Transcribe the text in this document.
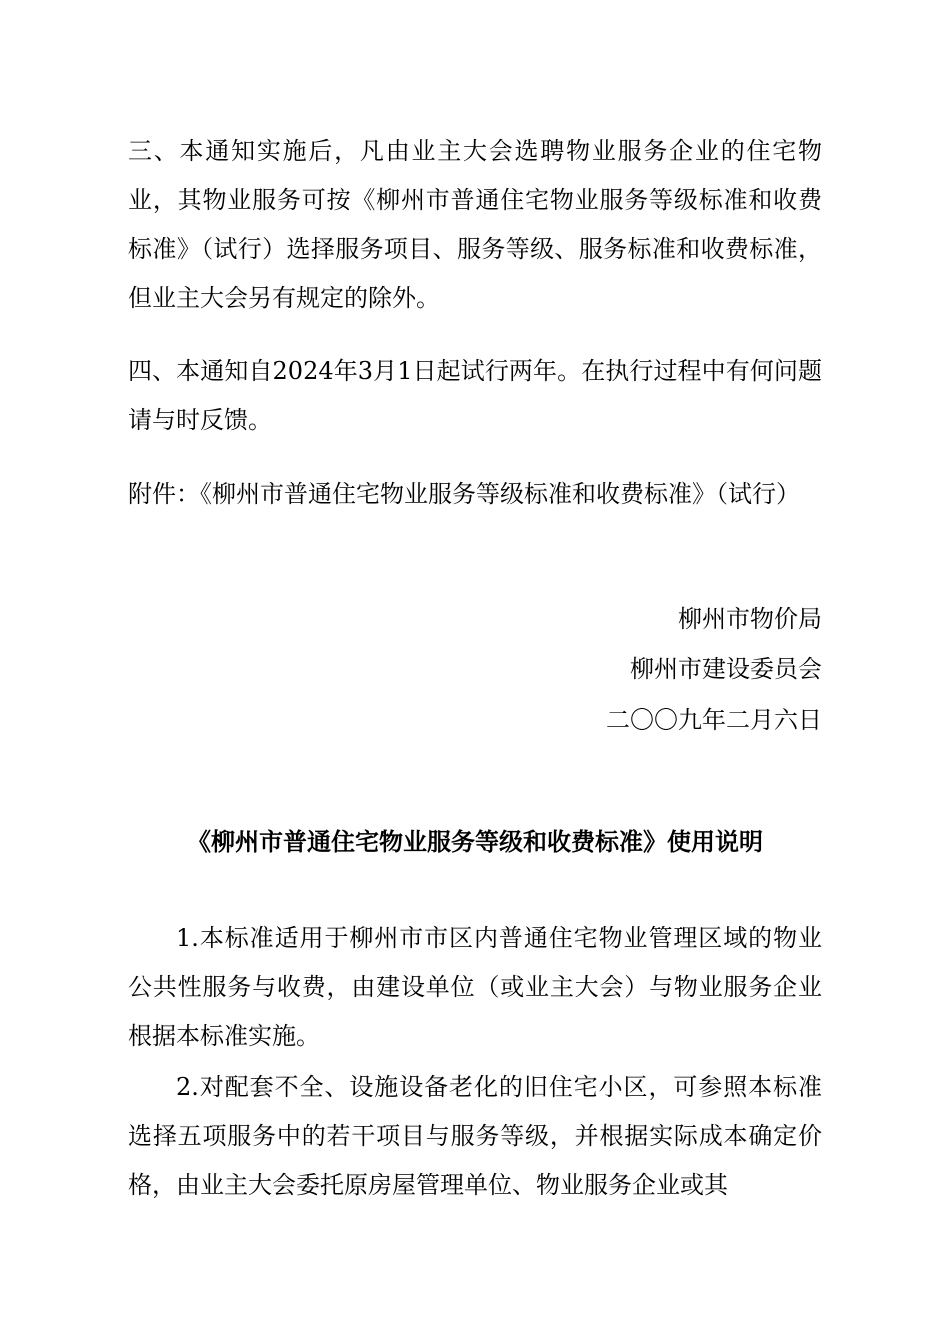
三、本通知实施后，凡由业主大会选聘物业服务企业的住宅物业，其物业服务可按《柳州市普通住宅物业服务等级标准和收费标准》（试行）选择服务项目、服务等级、服务标准和收费标准，但业主大会另有规定的除外。

四、本通知自2024年3月1日起试行两年。在执行过程中有何问题请与时反馈。

附件：《柳州市普通住宅物业服务等级标准和收费标准》（试行）

柳州市物价局

柳州市建设委员会

二〇〇九年二月六日

《柳州市普通住宅物业服务等级和收费标准》使用说明

1.本标准适用于柳州市市区内普通住宅物业管理区域的物业公共性服务与收费，由建设单位（或业主大会）与物业服务企业根据本标准实施。

2.对配套不全、设施设备老化的旧住宅小区，可参照本标准选择五项服务中的若干项目与服务等级，并根据实际成本确定价格，由业主大会委托原房屋管理单位、物业服务企业或其
